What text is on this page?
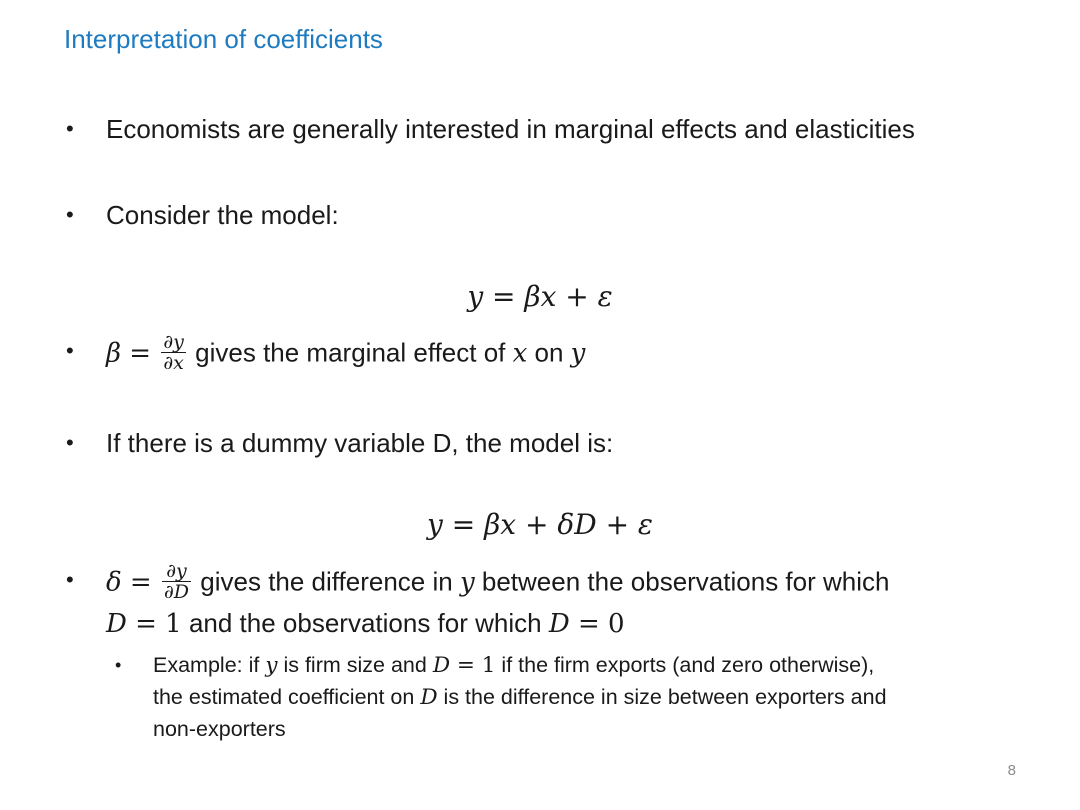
Interpretation of coefficients
• Economists are generally interested in marginal effects and elasticities
• Consider the model:
y = βx + ε
• $\beta = \frac{\partial y}{\partial x}$ gives the marginal effect of x on y
• If there is a dummy variable D, the model is:
y = βx + δD + ε
• $\delta = \frac{\partial y}{\partial D}$ gives the difference in y between the observations for which
D = 1 and the observations for which D = 0
• Example: if y is firm size and D = 1 if the firm exports (and zero otherwise),
the estimated coefficient on D is the difference in size between exporters and
non-exporters
8
